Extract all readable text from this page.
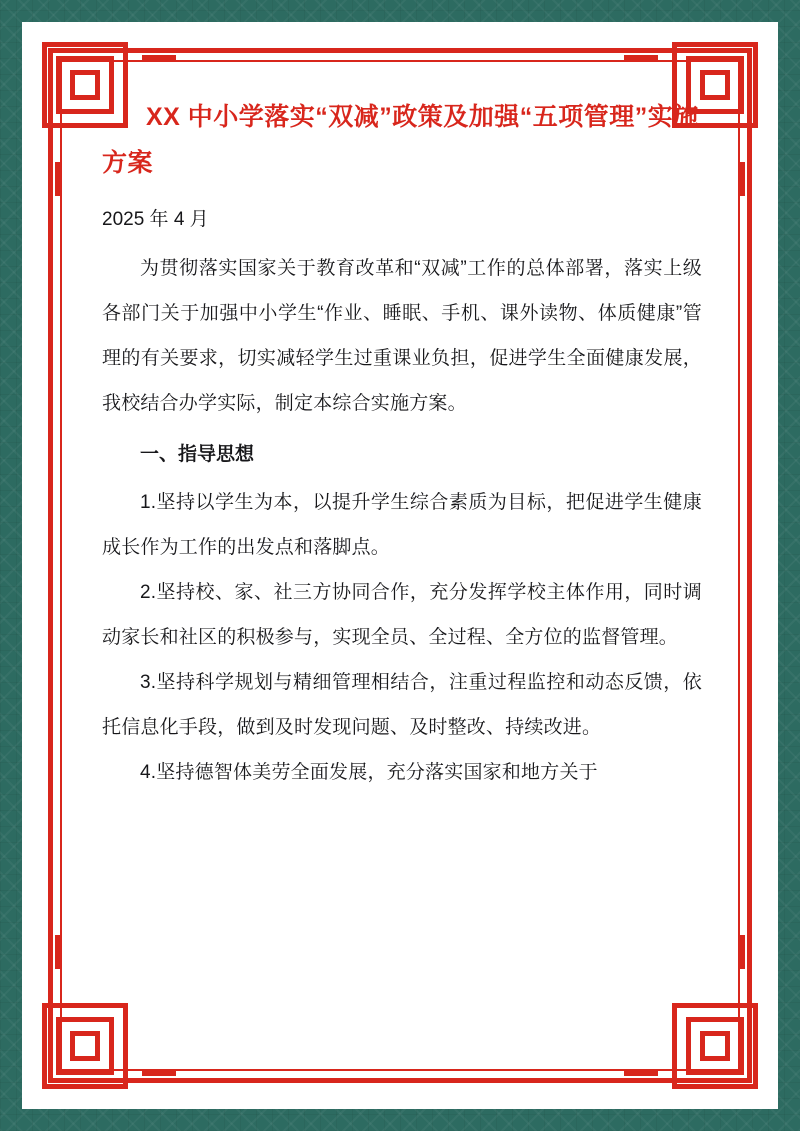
XX 中小学落实“双减”政策及加强“五项管理”实施方案

2025 年 4 月

为贯彻落实国家关于教育改革和“双减”工作的总体部署，落实上级各部门关于加强中小学生“作业、睡眠、手机、课外读物、体质健康”管理的有关要求，切实减轻学生过重课业负担，促进学生全面健康发展，我校结合办学实际，制定本综合实施方案。

一、指导思想

1.坚持以学生为本，以提升学生综合素质为目标，把促进学生健康成长作为工作的出发点和落脚点。

2.坚持校、家、社三方协同合作，充分发挥学校主体作用，同时调动家长和社区的积极参与，实现全员、全过程、全方位的监督管理。

3.坚持科学规划与精细管理相结合，注重过程监控和动态反馈，依托信息化手段，做到及时发现问题、及时整改、持续改进。

4.坚持德智体美劳全面发展，充分落实国家和地方关于
